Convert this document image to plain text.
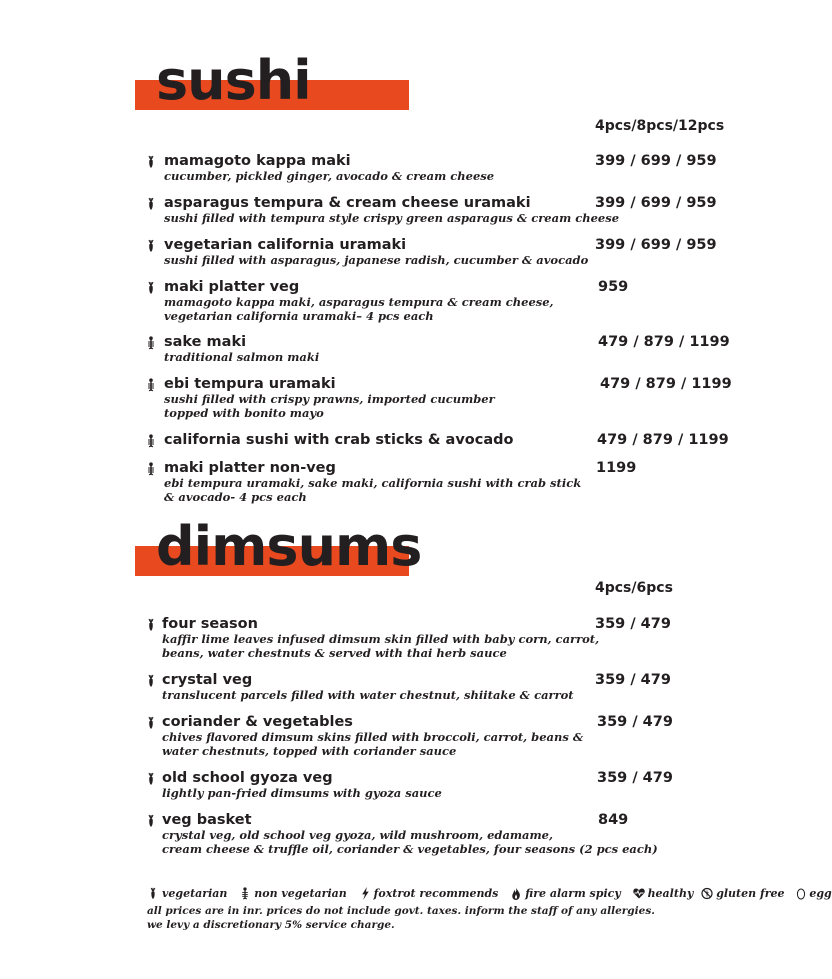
sushi
4pcs/8pcs/12pcs
mamagoto kappa maki
cucumber, pickled ginger, avocado & cream cheese
399 / 699 / 959
asparagus tempura & cream cheese uramaki
sushi filled with tempura style crispy green asparagus & cream cheese
399 / 699 / 959
vegetarian california uramaki
sushi filled with asparagus, japanese radish, cucumber & avocado
399 / 699 / 959
maki platter veg
mamagoto kappa maki, asparagus tempura & cream cheese,
vegetarian california uramaki– 4 pcs each
959
sake maki
traditional salmon maki
479 / 879 / 1199
ebi tempura uramaki
sushi filled with crispy prawns, imported cucumber
topped with bonito mayo
479 / 879 / 1199
california sushi with crab sticks & avocado	479 / 879 / 1199
maki platter non-veg
ebi tempura uramaki, sake maki, california sushi with crab stick
& avocado- 4 pcs each
1199
dimsums
4pcs/6pcs
four season
kaffir lime leaves infused dimsum skin filled with baby corn, carrot,
beans, water chestnuts & served with thai herb sauce
359 / 479
crystal veg
translucent parcels filled with water chestnut, shiitake & carrot
359 / 479
coriander & vegetables
chives flavored dimsum skins filled with broccoli, carrot, beans &
water chestnuts, topped with coriander sauce
359 / 479
old school gyoza veg
lightly pan-fried dimsums with gyoza sauce
359 / 479
veg basket
crystal veg, old school veg gyoza, wild mushroom, edamame,
cream cheese & truffle oil, coriander & vegetables, four seasons (2 pcs each)
849
vegetarian non vegetarian foxtrot recommends fire alarm spicy healthy gluten free egg
all prices are in inr. prices do not include govt. taxes. inform the staff of any allergies.
we levy a discretionary 5% service charge.
